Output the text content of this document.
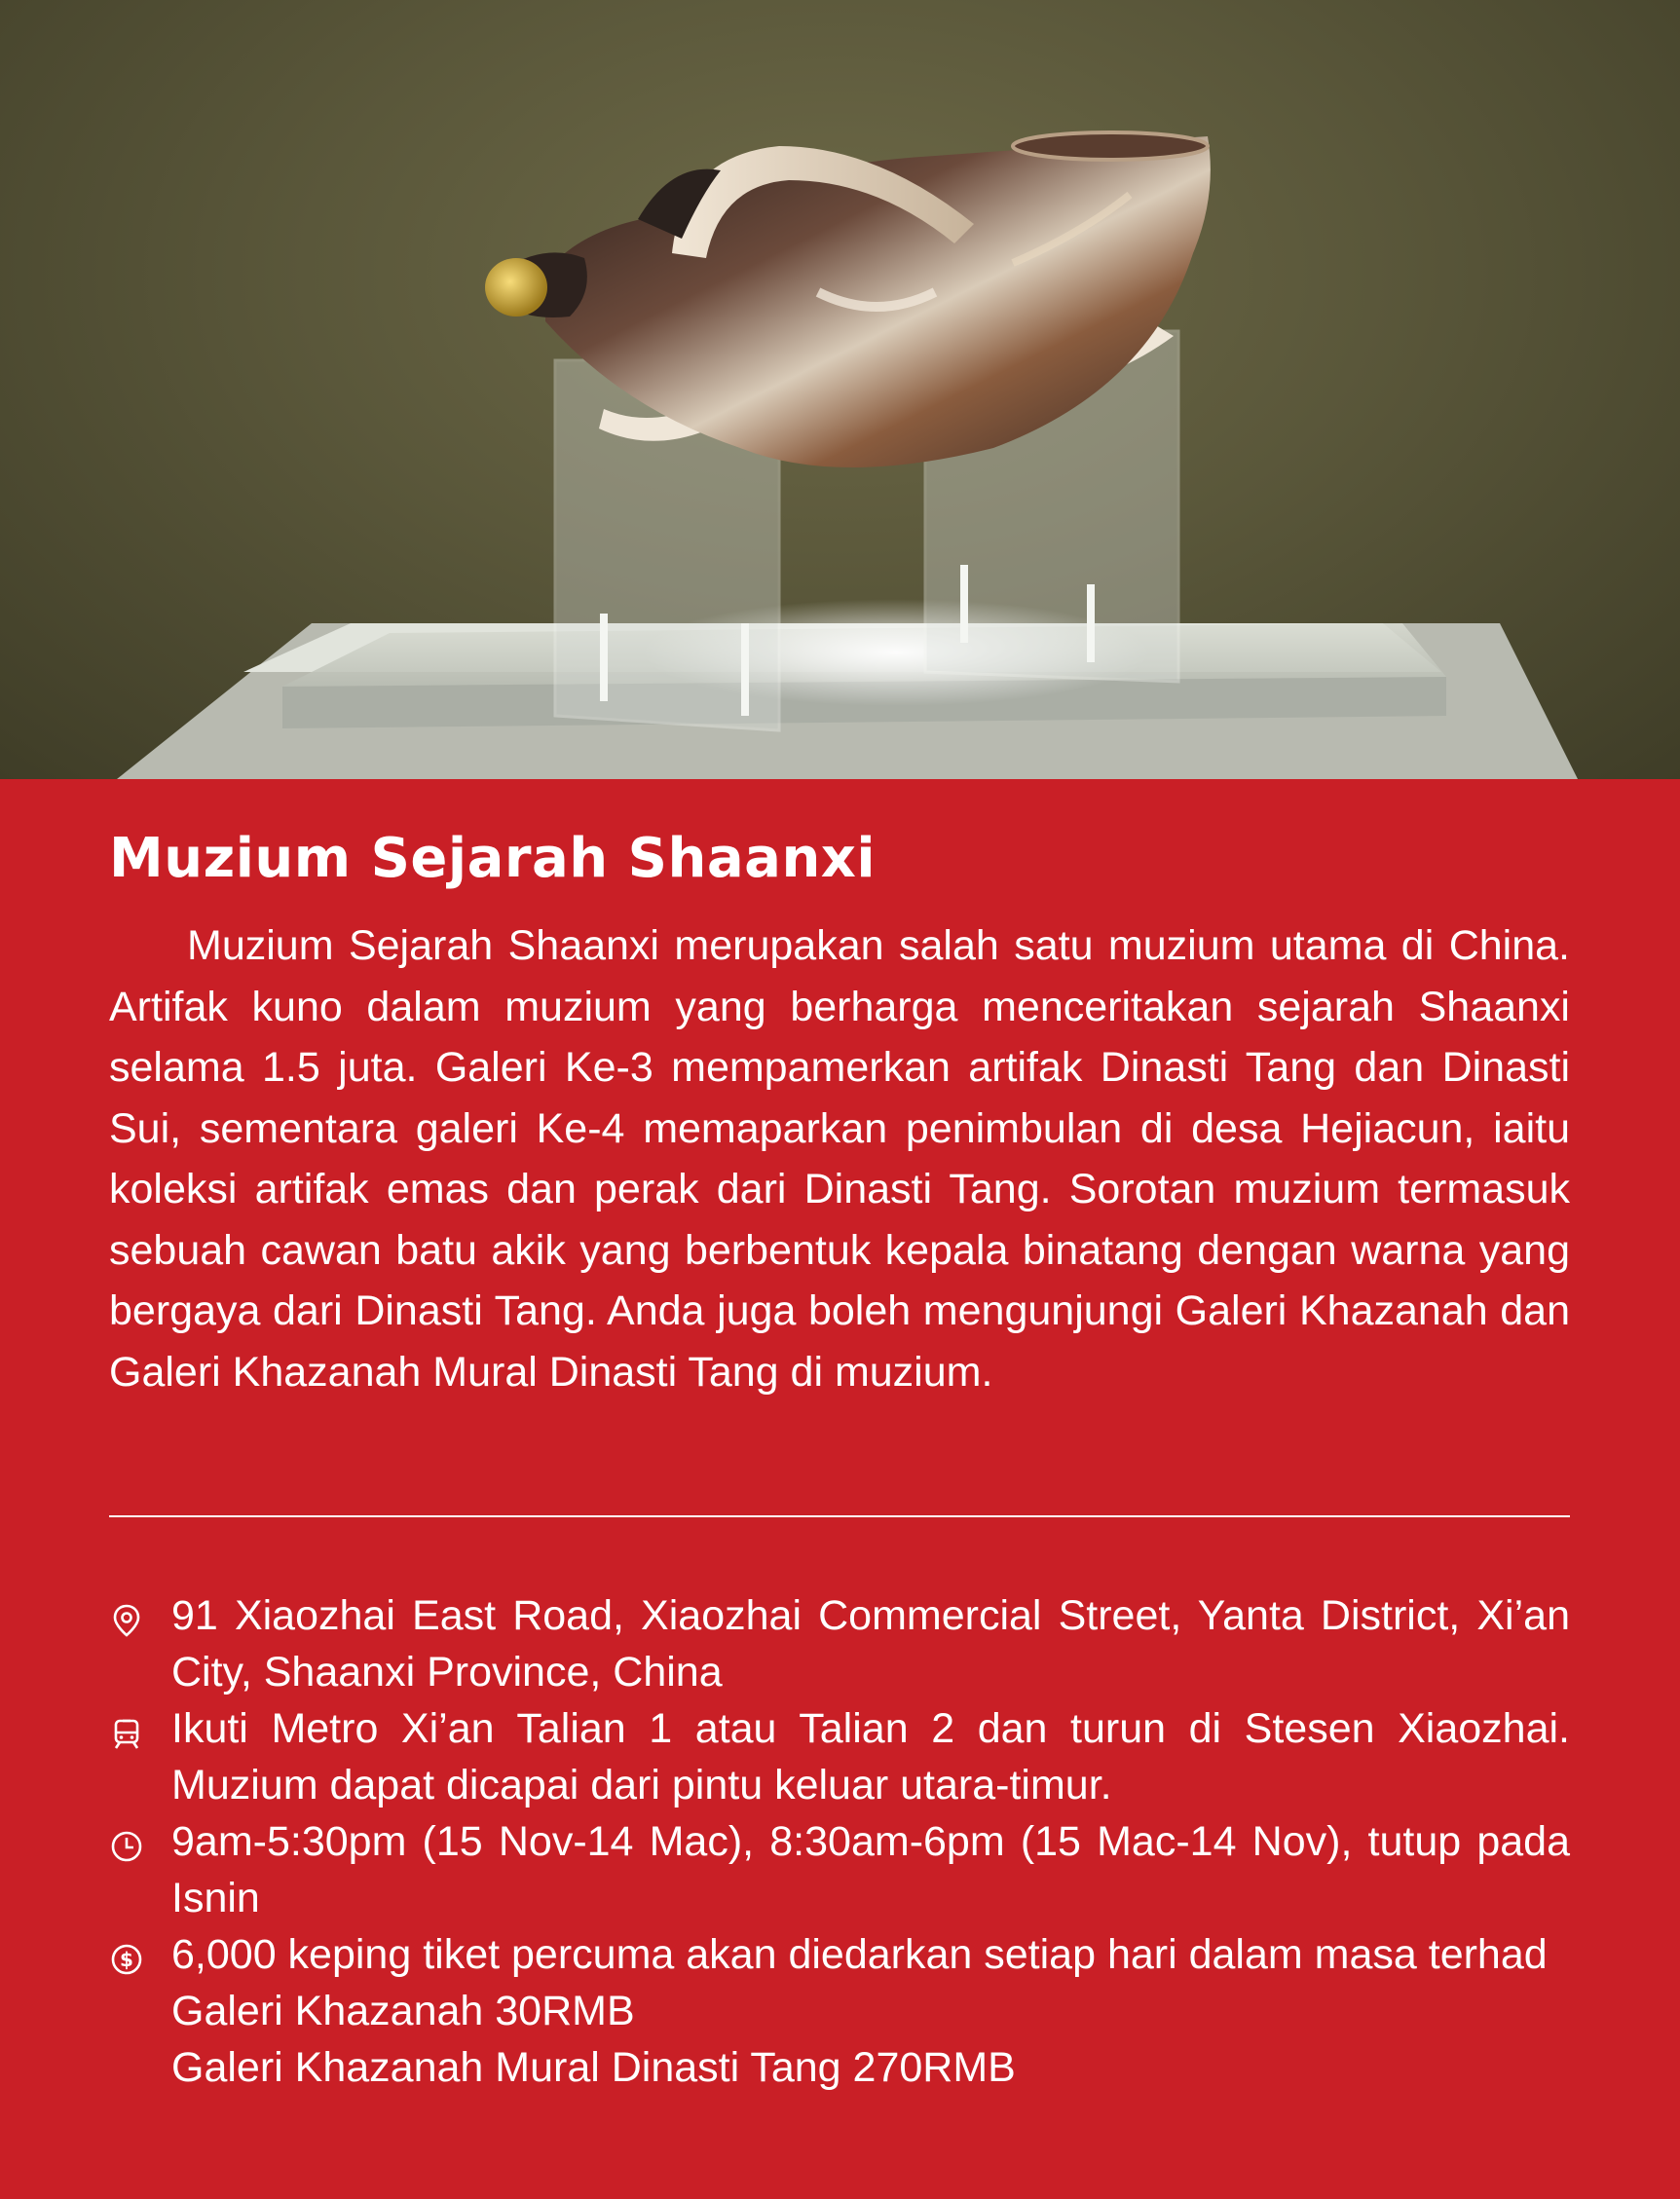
Muzium Sejarah Shaanxi

Muzium Sejarah Shaanxi merupakan salah satu muzium utama di China. Artifak kuno dalam muzium yang berharga menceritakan sejarah Shaanxi selama 1.5 juta. Galeri Ke-3 mempamerkan artifak Dinasti Tang dan Dinasti Sui, sementara galeri Ke-4 memaparkan penimbulan di desa Hejiacun, iaitu koleksi artifak emas dan perak dari Dinasti Tang. Sorotan muzium termasuk sebuah cawan batu akik yang berbentuk kepala binatang dengan warna yang bergaya dari Dinasti Tang. Anda juga boleh mengunjungi Galeri Khazanah dan Galeri Khazanah Mural Dinasti Tang di muzium.

91 Xiaozhai East Road, Xiaozhai Commercial Street, Yanta District, Xi’an City, Shaanxi Province, China

Ikuti Metro Xi’an Talian 1 atau Talian 2 dan turun di Stesen Xiaozhai. Muzium dapat dicapai dari pintu keluar utara-timur.

9am-5:30pm (15 Nov-14 Mac), 8:30am-6pm (15 Mac-14 Nov), tutup pada Isnin

$ 6,000 keping tiket percuma akan diedarkan setiap hari dalam masa terhad

Galeri Khazanah 30RMB

Galeri Khazanah Mural Dinasti Tang 270RMB
